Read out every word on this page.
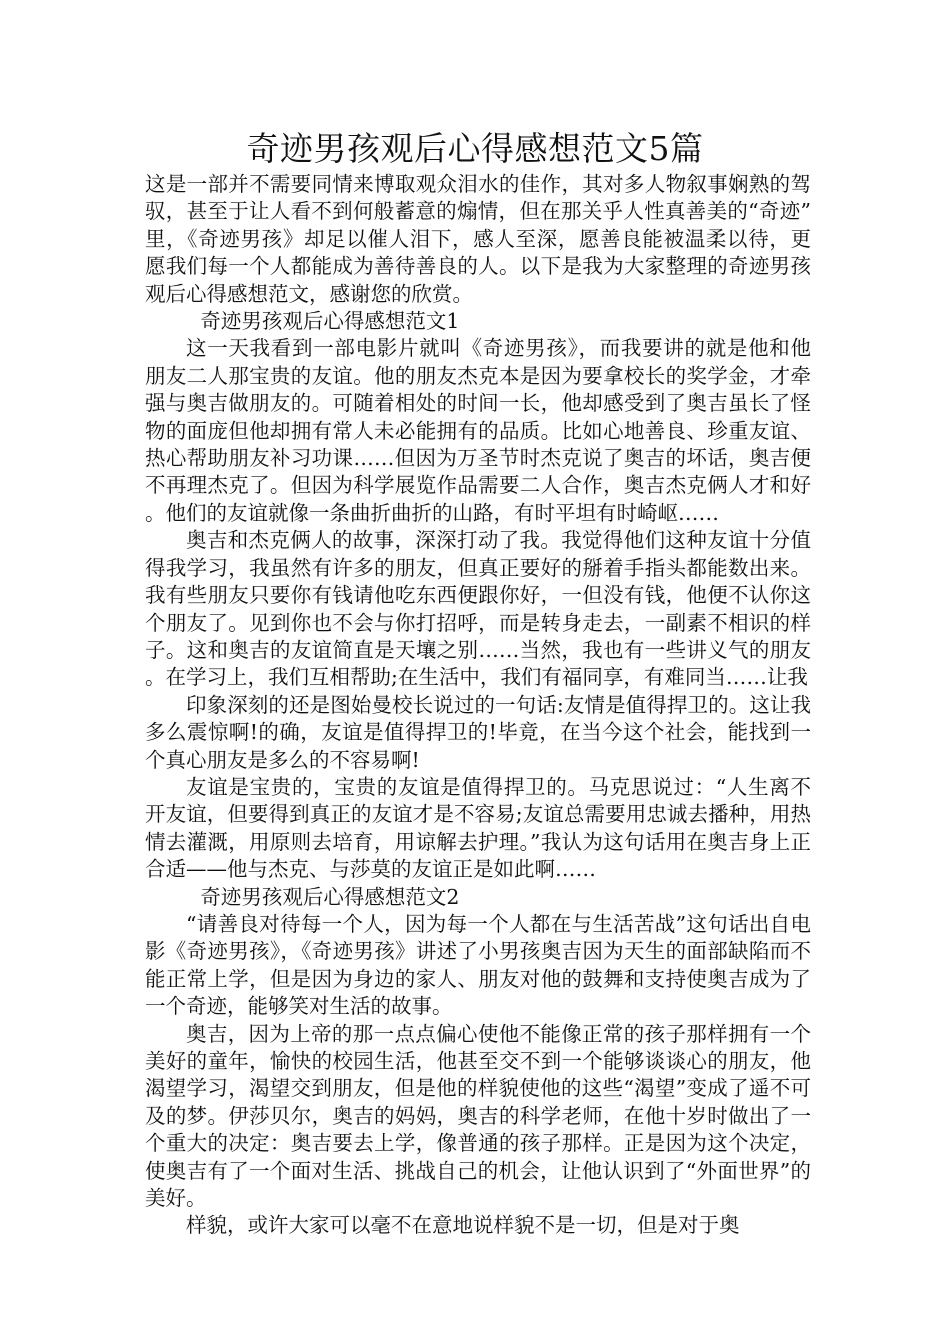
奇迹男孩观后心得感想范文5篇

这是一部并不需要同情来博取观众泪水的佳作，其对多人物叙事娴熟的驾驭，甚至于让人看不到何般蓄意的煽情，但在那关乎人性真善美的“奇迹”里，《奇迹男孩》却足以催人泪下，感人至深，愿善良能被温柔以待，更愿我们每一个人都能成为善待善良的人。以下是我为大家整理的奇迹男孩观后心得感想范文，感谢您的欣赏。

奇迹男孩观后心得感想范文1

这一天我看到一部电影片就叫《奇迹男孩》，而我要讲的就是他和他朋友二人那宝贵的友谊。他的朋友杰克本是因为要拿校长的奖学金，才牵强与奥吉做朋友的。可随着相处的时间一长，他却感受到了奥吉虽长了怪物的面庞但他却拥有常人未必能拥有的品质。比如心地善良、珍重友谊、热心帮助朋友补习功课……但因为万圣节时杰克说了奥吉的坏话，奥吉便不再理杰克了。但因为科学展览作品需要二人合作，奥吉杰克俩人才和好。他们的友谊就像一条曲折曲折的山路，有时平坦有时崎岖……

奥吉和杰克俩人的故事，深深打动了我。我觉得他们这种友谊十分值得我学习，我虽然有许多的朋友，但真正要好的掰着手指头都能数出来。我有些朋友只要你有钱请他吃东西便跟你好，一但没有钱，他便不认你这个朋友了。见到你也不会与你打招呼，而是转身走去，一副素不相识的样子。这和奥吉的友谊简直是天壤之别……当然，我也有一些讲义气的朋友。在学习上，我们互相帮助;在生活中，我们有福同享，有难同当……让我

印象深刻的还是图始曼校长说过的一句话:友情是值得捍卫的。这让我多么震惊啊!的确，友谊是值得捍卫的!毕竟，在当今这个社会，能找到一个真心朋友是多么的不容易啊!

友谊是宝贵的，宝贵的友谊是值得捍卫的。马克思说过：“人生离不开友谊，但要得到真正的友谊才是不容易;友谊总需要用忠诚去播种，用热情去灌溉，用原则去培育，用谅解去护理。”我认为这句话用在奥吉身上正合适——他与杰克、与莎莫的友谊正是如此啊……

奇迹男孩观后心得感想范文2

“请善良对待每一个人，因为每一个人都在与生活苦战”这句话出自电影《奇迹男孩》，《奇迹男孩》讲述了小男孩奥吉因为天生的面部缺陷而不能正常上学，但是因为身边的家人、朋友对他的鼓舞和支持使奥吉成为了一个奇迹，能够笑对生活的故事。

奥吉，因为上帝的那一点点偏心使他不能像正常的孩子那样拥有一个美好的童年，愉快的校园生活，他甚至交不到一个能够谈谈心的朋友，他渴望学习，渴望交到朋友，但是他的样貌使他的这些“渴望”变成了遥不可及的梦。伊莎贝尔，奥吉的妈妈，奥吉的科学老师，在他十岁时做出了一个重大的决定：奥吉要去上学，像普通的孩子那样。正是因为这个决定，使奥吉有了一个面对生活、挑战自己的机会，让他认识到了“外面世界”的美好。

样貌，或许大家可以毫不在意地说样貌不是一切，但是对于奥
